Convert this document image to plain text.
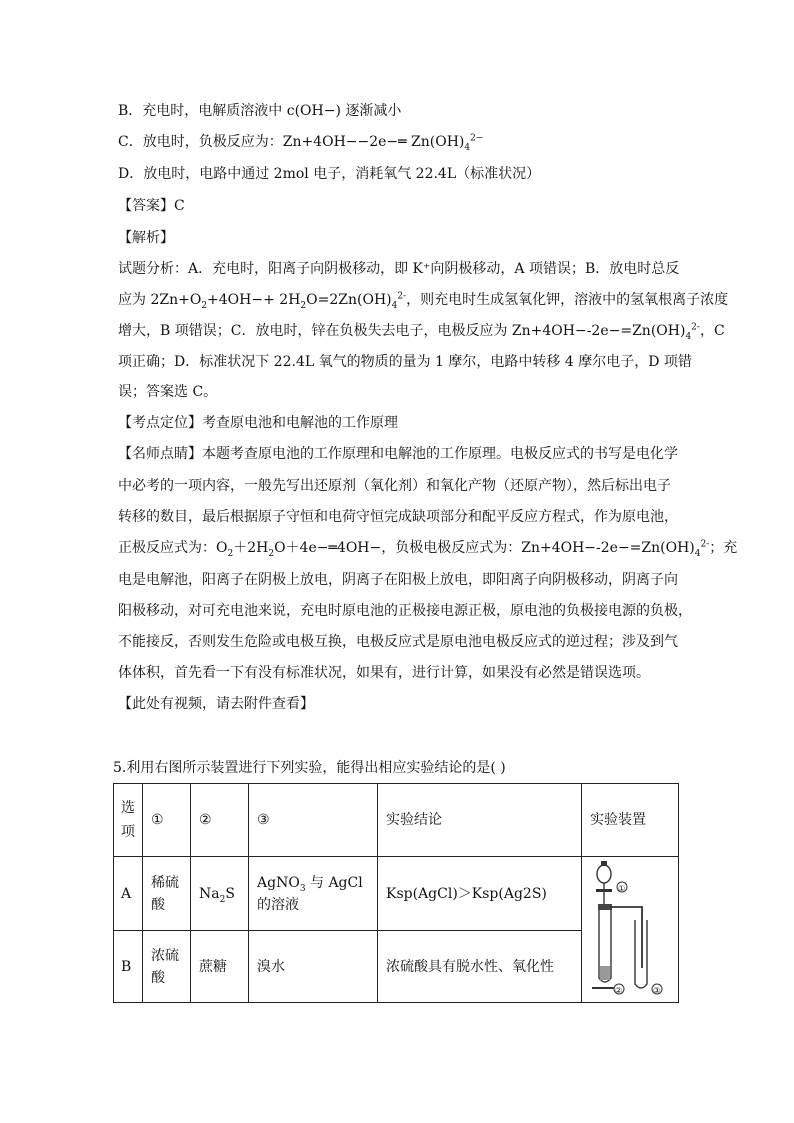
B．充电时，电解质溶液中 c(OH−) 逐渐减小
C．放电时，负极反应为：Zn+4OH−−2e−═ $Zn(OH)_4^{2-}$
D．放电时，电路中通过 2mol 电子，消耗氧气 22.4L（标准状况）
【答案】C
【解析】
试题分析：A．充电时，阳离子向阴极移动，即 K⁺向阴极移动，A 项错误；B．放电时总反
应为 $2Zn+O_2+4OH-+ 2H_2O=2Zn(OH)_4^{2-}$，则充电时生成氢氧化钾，溶液中的氢氧根离子浓度
增大，B 项错误；C．放电时，锌在负极失去电子，电极反应为 $Zn+4OH--2e-=Zn(OH)_4^{2-}$，C
项正确；D．标准状况下 22.4L 氧气的物质的量为 1 摩尔，电路中转移 4 摩尔电子，D 项错
误；答案选 C。
【考点定位】考查原电池和电解池的工作原理
【名师点睛】本题考查原电池的工作原理和电解池的工作原理。电极反应式的书写是电化学
中必考的一项内容，一般先写出还原剂（氧化剂）和氧化产物（还原产物），然后标出电子
转移的数目，最后根据原子守恒和电荷守恒完成缺项部分和配平反应方程式，作为原电池，
正极反应式为：$O_2+2H_2O+4e-═4OH-$，负极电极反应式为：$Zn+4OH--2e-=Zn(OH)_4^{2-}$；充
电是电解池，阳离子在阴极上放电，阴离子在阳极上放电，即阳离子向阴极移动，阴离子向
阳极移动，对可充电池来说，充电时原电池的正极接电源正极，原电池的负极接电源的负极，
不能接反，否则发生危险或电极互换，电极反应式是原电池电极反应式的逆过程；涉及到气
体体积，首先看一下有没有标准状况，如果有，进行计算，如果没有必然是错误选项。
【此处有视频，请去附件查看】
5.利用右图所示装置进行下列实验，能得出相应实验结论的是( )
选项	①	②	③	实验结论	实验装置
A	稀硫酸	$Na_2S$	AgNO$_3$ 与 AgCl
的溶液	Ksp(AgCl)＞Ksp(Ag2S)	①
② ③

B	浓硫酸	蔗糖	溴水	浓硫酸具有脱水性、氧化性	
